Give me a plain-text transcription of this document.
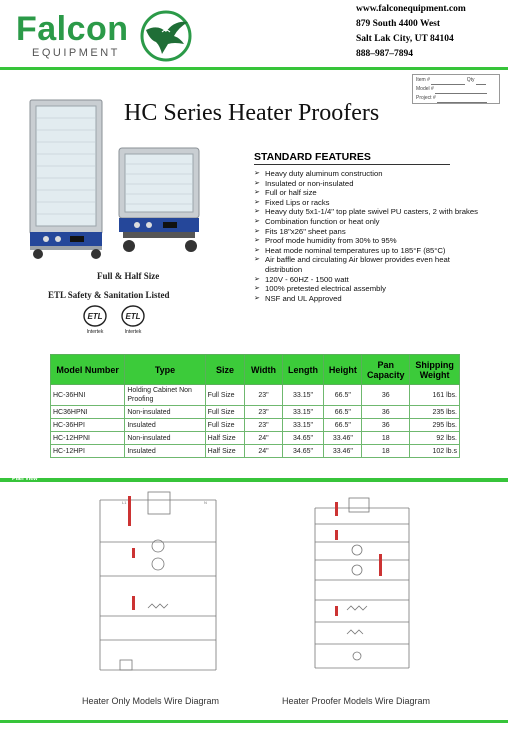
Falcon
EQUIPMENT
www.falconequipment.com
879 South 4400 West
Salt Lak City, UT 84104
888–987–7894
Item #	Qty
Model #
Project #
HC Series Heater Proofers
Full & Half Size
ETL Safety & Sanitation Listed
ETL
Intertek
ETL
Intertek
STANDARD FEATURES
➢ Heavy duty aluminum construction
➢ Insulated or non-insulated
➢ Full or half size
➢ Fixed Lips or racks
➢ Heavy duty 5x1-1/4" top plate swivel PU casters, 2 with brakes
➢ Combination function or heat only
➢ Fits 18"x26" sheet pans
➢ Proof mode humidity from 30% to 95%
➢ Heat mode nominal temperatures up to 185°F (85°C)
➢ Air baffle and circulating Air blower provides even heat distribution
➢ 120V - 60HZ - 1500 watt
➢ 100% pretested electrical assembly
➢ NSF and UL Approved
Model Number	Type	Size	Width	Length	Height	Pan Capacity	Shipping Weight
HC-36HNI	Holding Cabinet Non Proofing	Full Size	23"	33.15"	66.5"	36	161 lbs.
HC36HPNI	Non-insulated	Full Size	23"	33.15"	66.5"	36	235 lbs.
HC-36HPI	Insulated	Full Size	23"	33.15"	66.5"	36	295 lbs.
HC-12HPNI	Non-insulated	Half Size	24"	34.65"	33.46"	18	92 lbs.
HC-12HPI	Insulated	Half Size	24"	34.65"	33.46"	18	102 lb.s
Plan View
L1	N
Heater Only Models Wire Diagram	Heater Proofer Models Wire Diagram
